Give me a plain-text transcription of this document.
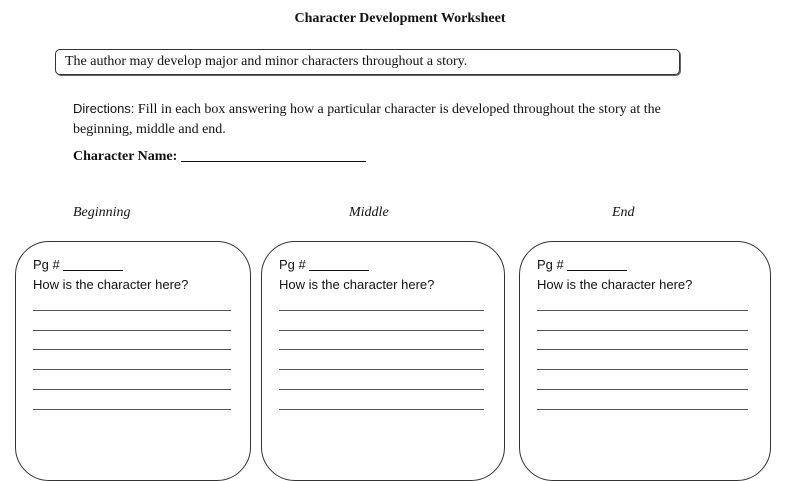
Character Development Worksheet
The author may develop major and minor characters throughout a story.
Directions: Fill in each box answering how a particular character is developed throughout the story at the beginning, middle and end.
Character Name:
Beginning	Middle	End
Pg #
How is the character here?
Pg #
How is the character here?
Pg #
How is the character here?
